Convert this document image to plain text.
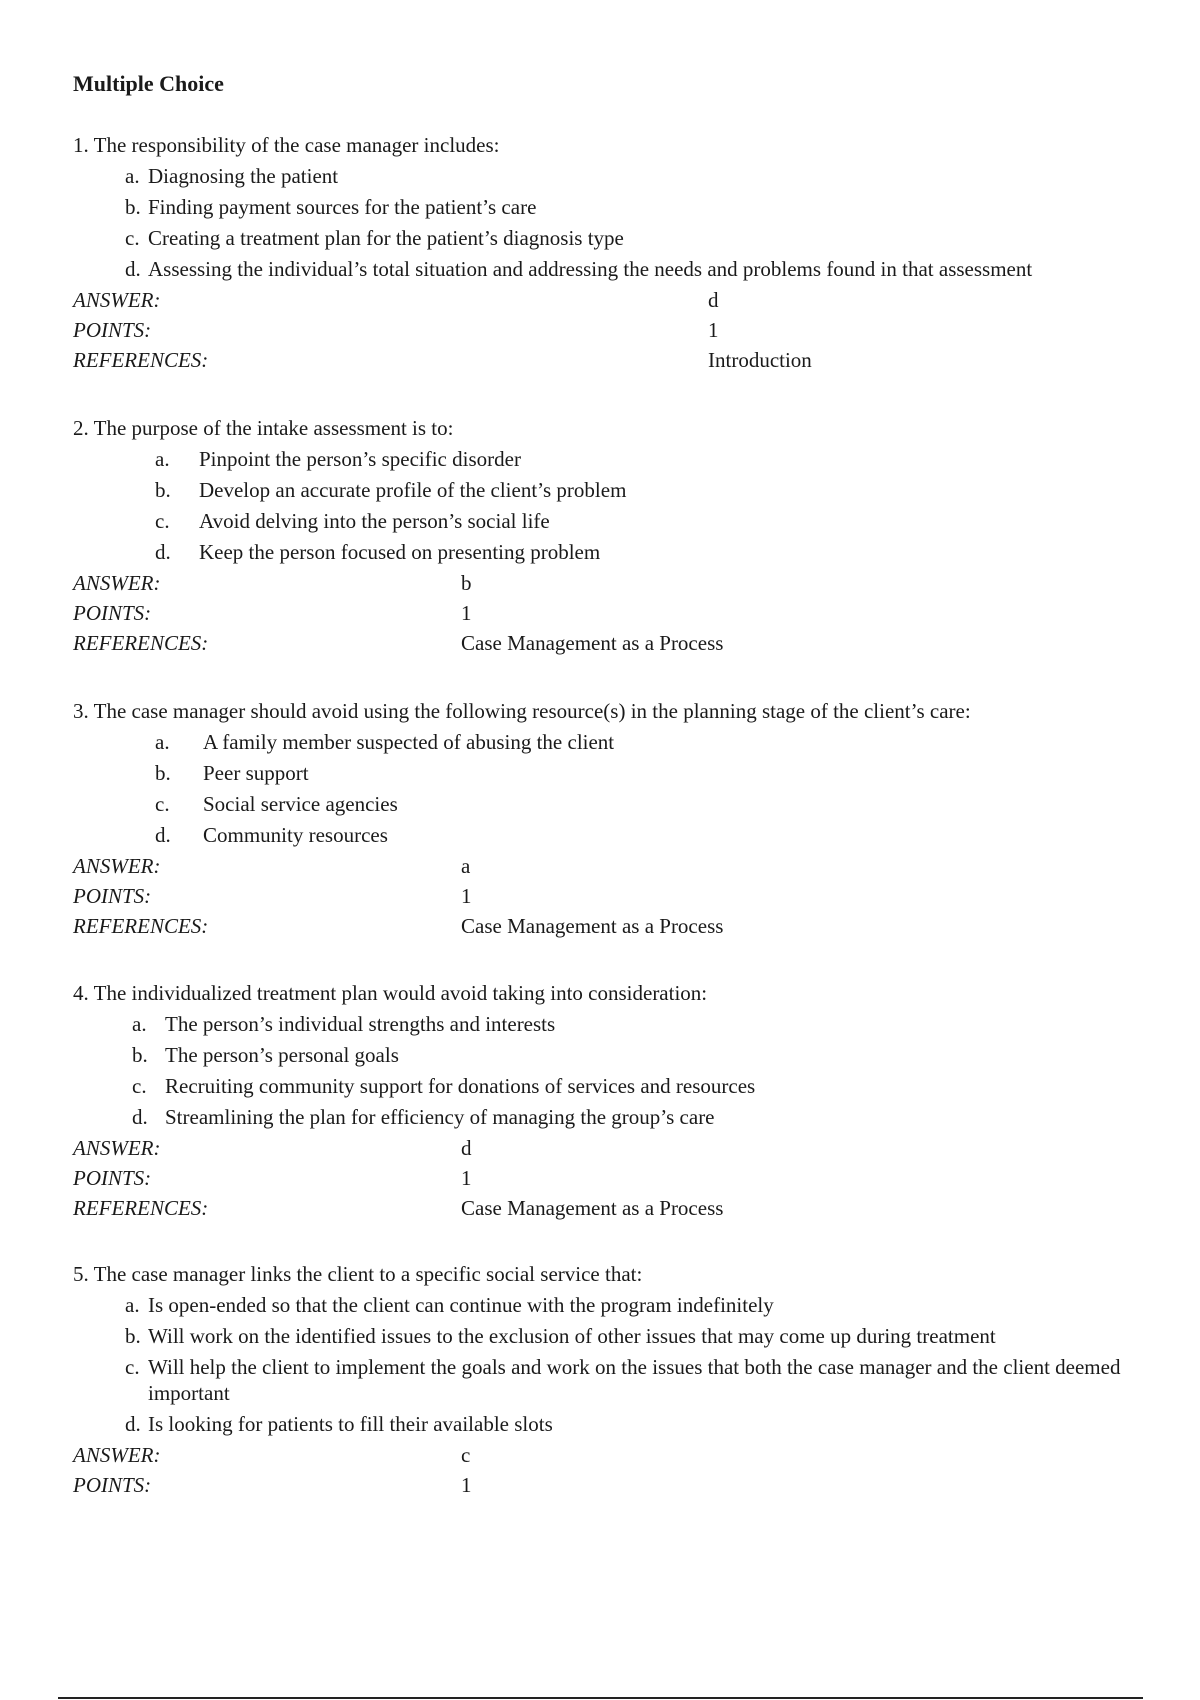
Multiple Choice
1. The responsibility of the case manager includes:
a. Diagnosing the patient
b. Finding payment sources for the patient’s care
c. Creating a treatment plan for the patient’s diagnosis type
d. Assessing the individual’s total situation and addressing the needs and problems found in that assessment
ANSWER:	d
POINTS:	1
REFERENCES:	Introduction
2. The purpose of the intake assessment is to:
a.	Pinpoint the person’s specific disorder
b.	Develop an accurate profile of the client’s problem
c.	Avoid delving into the person’s social life
d.	Keep the person focused on presenting problem
ANSWER:	b
POINTS:	1
REFERENCES:	Case Management as a Process
3. The case manager should avoid using the following resource(s) in the planning stage of the client’s care:
a.	A family member suspected of abusing the client
b.	Peer support
c.	Social service agencies
d.	Community resources
ANSWER:	a
POINTS:	1
REFERENCES:	Case Management as a Process
4. The individualized treatment plan would avoid taking into consideration:
a. The person’s individual strengths and interests
b. The person’s personal goals
c. Recruiting community support for donations of services and resources
d. Streamlining the plan for efficiency of managing the group’s care
ANSWER:	d
POINTS:	1
REFERENCES:	Case Management as a Process
5. The case manager links the client to a specific social service that:
a. Is open-ended so that the client can continue with the program indefinitely
b. Will work on the identified issues to the exclusion of other issues that may come up during treatment
c. Will help the client to implement the goals and work on the issues that both the case manager and the client deemed important
d. Is looking for patients to fill their available slots
ANSWER:	c
POINTS:	1
